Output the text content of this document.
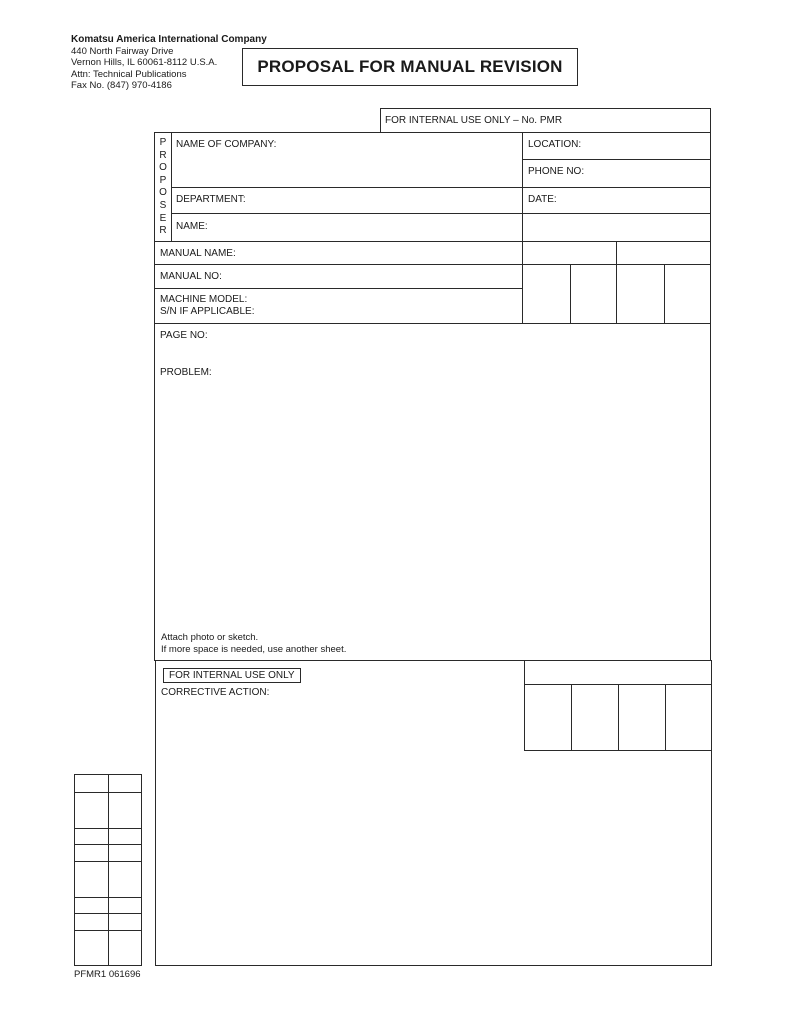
Komatsu America International Company
440 North Fairway Drive
Vernon Hills, IL 60061-8112 U.S.A.
Attn: Technical Publications
Fax No. (847) 970-4186
PROPOSAL FOR MANUAL REVISION
FOR INTERNAL USE ONLY – No. PMR
P
R
O
P
O
S
E
R
NAME OF COMPANY:	LOCATION:
PHONE NO:
DEPARTMENT:	DATE:
NAME:
MANUAL NAME:
MANUAL NO:
MACHINE MODEL:
S/N IF APPLICABLE:
PAGE NO:
PROBLEM:
Attach photo or sketch.
If more space is needed, use another sheet.
FOR INTERNAL USE ONLY
CORRECTIVE ACTION:
PFMR1 061696
